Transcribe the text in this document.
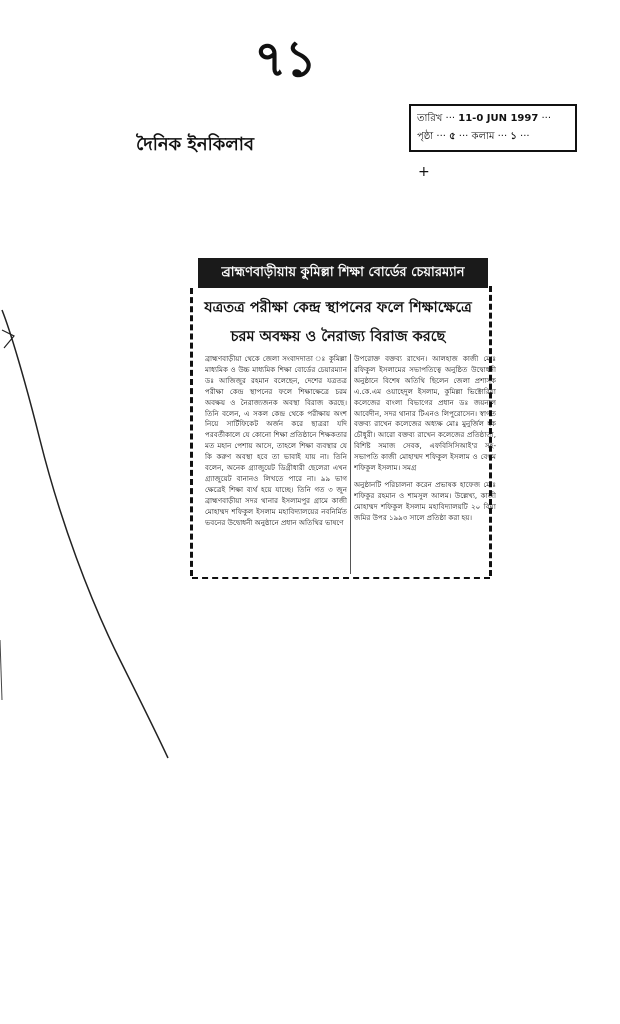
৭১
দৈনিক ইনকিলাব
তারিখ ··· 11-0 JUN 1997 ···
পৃষ্ঠা ··· ৫ ··· কলাম ··· ১ ···
+
ব্রাহ্মণবাড়ীয়ায় কুমিল্লা শিক্ষা বোর্ডের চেয়ারম্যান
যত্রতত্র পরীক্ষা কেন্দ্র স্থাপনের ফলে শিক্ষাক্ষেত্রে
চরম অবক্ষয় ও নৈরাজ্য বিরাজ করছে

ব্রাহ্মণবাড়ীয়া থেকে জেলা সংবাদদাতা ঃ কুমিল্লা মাধ্যমিক ও উচ্চ মাধ্যমিক শিক্ষা বোর্ডের চেয়ারম্যান ডঃ আজিজুর রহমান বলেছেন, দেশের যত্রতত্র পরীক্ষা কেন্দ্র স্থাপনের ফলে শিক্ষাক্ষেত্রে চরম অবক্ষয় ও নৈরাজ্যজনক অবস্থা বিরাজ করছে। তিনি বলেন, এ সকল কেন্দ্র থেকে পরীক্ষায় অংশ নিয়ে সার্টিফিকেট অর্জন করে ছাত্ররা যদি পরবর্তীকালে যে কোনো শিক্ষা প্রতিষ্ঠানে শিক্ষকতার মত মহান পেশায় আসে, তাহলে শিক্ষা ব্যবস্থার যে কি করুণ অবস্থা হবে তা ভাবাই যায় না। তিনি বলেন, অনেক গ্র্যাজুয়েট ডিগ্রীধারী ছেলেরা এখন গ্র্যাজুয়েট বানানও লিখতে পারে না। ৯৯ ভাগ ক্ষেত্রেই শিক্ষা ব্যর্থ হয়ে যাচ্ছে। তিনি গত ৩ জুন ব্রাহ্মণবাড়ীয়া সদর থানার ইসলামপুর গ্রামে কাজী মোহাম্মদ শফিকুল ইসলাম মহাবিদ্যালয়ের নবনির্মিত ভবনের উদ্বোধনী অনুষ্ঠানে প্রধান অতিথির ভাষণে

উপরোক্ত বক্তব্য রাখেন। আলহাজ কাজী মোঃ রফিকুল ইসলামের সভাপতিত্বে অনুষ্ঠিত উদ্বোধনী অনুষ্ঠানে বিশেষ অতিথি ছিলেন জেলা প্রশাসক এ.কে.এম ওয়াহেদুল ইসলাম, কুমিল্লা ভিক্টোরিয়া কলেজের বাংলা বিভাগের প্রধান ডঃ জয়নাল আবেদীন, সদর থানার টিএনও লিপুরোসেন। স্বাগত বক্তব্য রাখেন কলেজের অধ্যক্ষ মোঃ মুনুর্জিল হক চৌধুরী। আরো বক্তব্য রাখেন কলেজের প্রতিষ্ঠাতা, বিশিষ্ট সমাজ সেবক, এফবিসিসিআই'র সহ-সভাপতি কাজী মোহাম্মদ শফিকুল ইসলাম ও বেগম শফিকুল ইসলাম। সমগ্র

অনুষ্ঠানটি পরিচালনা করেন প্রভাষক হাফেজ মোঃ শফিকুর রহমান ও শামসুল আলম। উল্লেখ্য, কাজী মোহাম্মদ শফিকুল ইসলাম মহাবিদ্যালয়টি ২০ বিঘা জমির উপর ১৯৯৩ সালে প্রতিষ্ঠা করা হয়।
